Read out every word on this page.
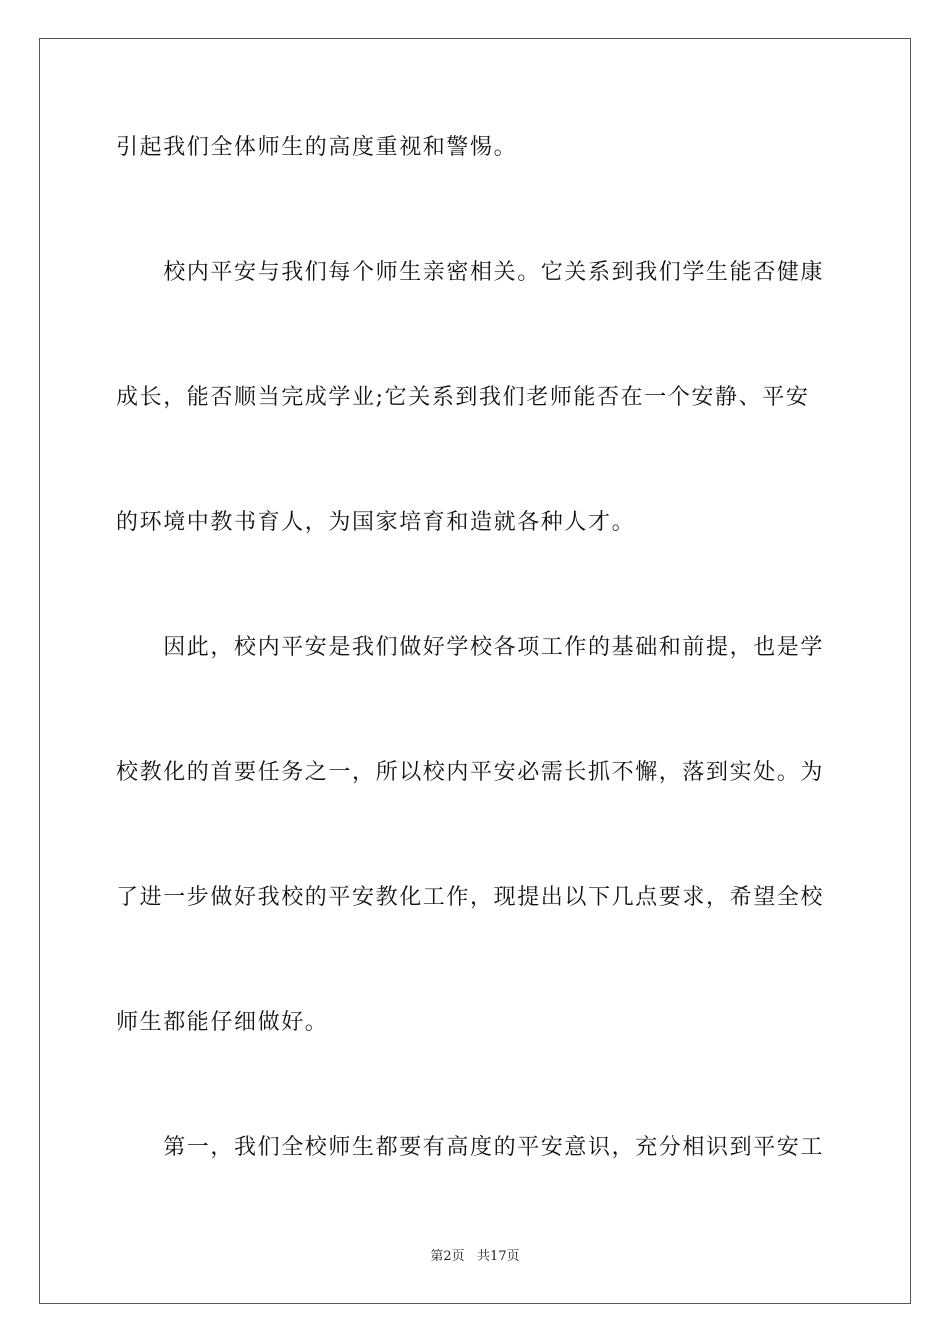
引起我们全体师生的高度重视和警惕。
　　校内平安与我们每个师生亲密相关。它关系到我们学生能否健康
成长，能否顺当完成学业;它关系到我们老师能否在一个安静、平安
的环境中教书育人，为国家培育和造就各种人才。
　　因此，校内平安是我们做好学校各项工作的基础和前提，也是学
校教化的首要任务之一，所以校内平安必需长抓不懈，落到实处。为
了进一步做好我校的平安教化工作，现提出以下几点要求，希望全校
师生都能仔细做好。
　　第一，我们全校师生都要有高度的平安意识，充分相识到平安工
第2页   共17页
